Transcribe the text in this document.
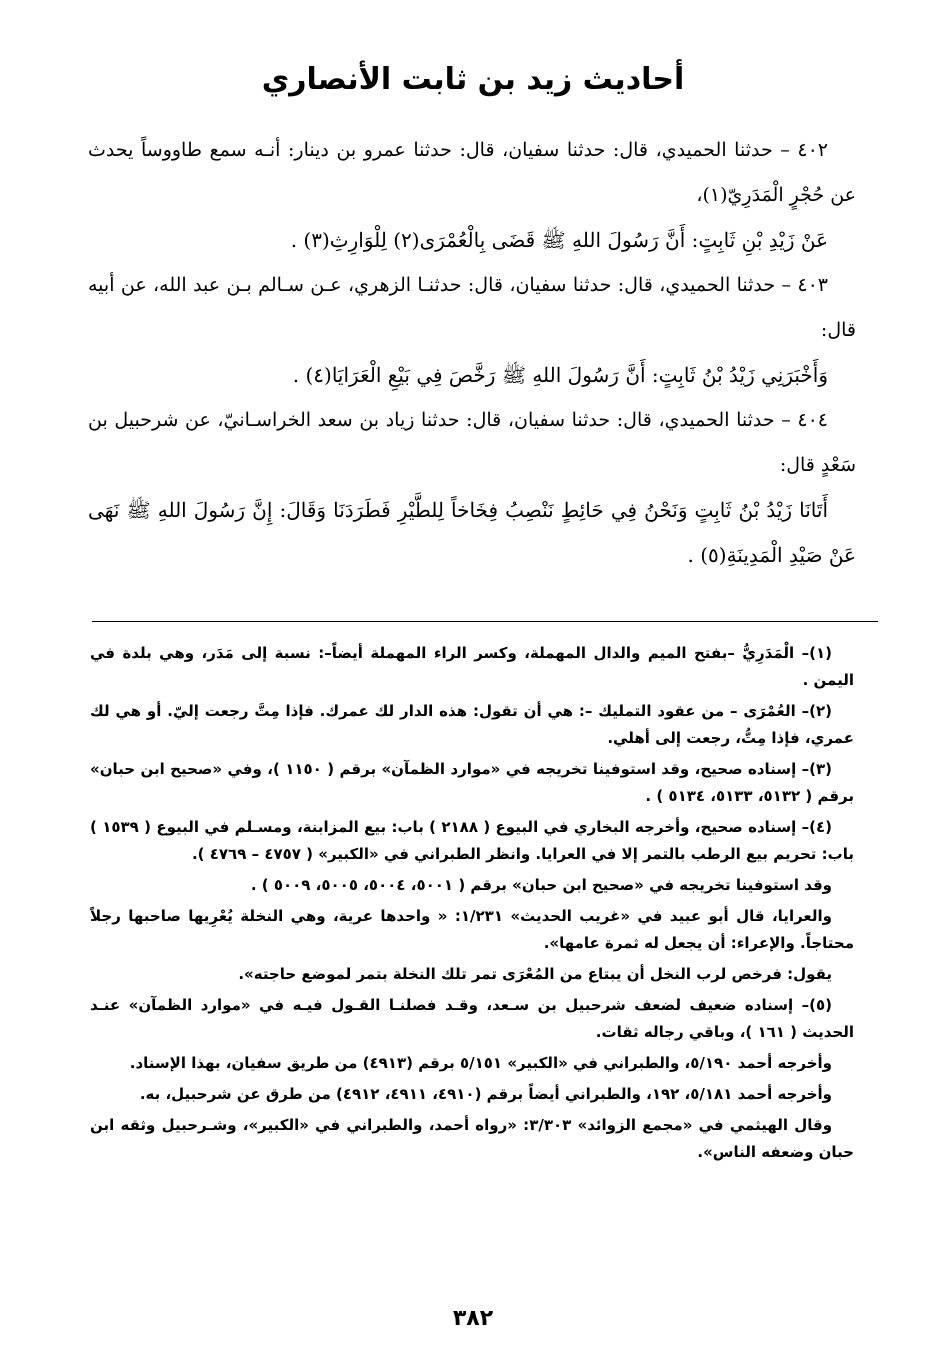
أحاديث زيد بن ثابت الأنصاري

٤٠٢ – حدثنا الحميدي، قال: حدثنا سفيان، قال: حدثنا عمرو بن دينار: أنـه سمع طاووساً يحدث عن حُجْرٍ الْمَدَرِيّ(١)،

عَنْ زَيْدِ بْنِ ثَابِتٍ: أَنَّ رَسُولَ اللهِ ﷺ قَضَى بِالْعُمْرَى(٢) لِلْوَارِثِ(٣) .

٤٠٣ – حدثنا الحميدي، قال: حدثنا سفيان، قال: حدثنـا الزهري، عـن سـالم بـن عبد الله، عن أبيه قال:

وَأَخْبَرَنِي زَيْدُ بْنُ ثَابِتٍ: أَنَّ رَسُولَ اللهِ ﷺ رَخَّصَ فِي بَيْعِ الْعَرَايَا(٤) .

٤٠٤ – حدثنا الحميدي، قال: حدثنا سفيان، قال: حدثنا زياد بن سعد الخراسـانيّ، عن شرحبيل بن سَعْدٍ قال:

أَتَانَا زَيْدُ بْنُ ثَابِتٍ وَنَحْنُ فِي حَائِطٍ نَنْصِبُ فِخَاخاً لِلطَّيْرِ فَطَرَدَنَا وَقَالَ: إِنَّ رَسُولَ اللهِ ﷺ نَهَى عَنْ صَيْدِ الْمَدِينَةِ(٥) .

(١)– الْمَدَرِيُّ –بفتح الميم والدال المهملة، وكسر الراء المهملة أيضاً–: نسبة إلى مَدَر، وهي بلدة في اليمن .

(٢)– العُمْرَى – من عقود التمليك –: هي أن تقول: هذه الدار لك عمرك. فإذا مِتَّ رجعت إليّ. أو هي لك عمري، فإذا مِتُّ، رجعت إلى أهلي.

(٣)– إسناده صحيح، وقد استوفينا تخريجه في «موارد الظمآن» برقم ( ١١٥٠ )، وفي «صحيح ابن حبان» برقم ( ٥١٣٢، ٥١٣٣، ٥١٣٤ ) .

(٤)– إسناده صحيح، وأخرجه البخاري في البيوع ( ٢١٨٨ ) باب: بيع المزابنة، ومسـلم في البيوع ( ١٥٣٩ ) باب: تحريم بيع الرطب بالتمر إلا في العرايا. وانظر الطبراني في «الكبير» ( ٤٧٥٧ – ٤٧٦٩ ).

وقد استوفينا تخريجه في «صحيح ابن حبان» برقم ( ٥٠٠١، ٥٠٠٤، ٥٠٠٥، ٥٠٠٩ ) .

والعرايا، قال أبو عبيد في «غريب الحديث» ١/٢٣١: « واحدها عرية، وهي النخلة يُعْرِيها صاحبها رجلاً محتاجاً. والإعراء: أن يجعل له ثمرة عامها».

يقول: فرخص لرب النخل أن يبتاع من المُعْرَى تمر تلك النخلة بتمر لموضع حاجته».

(٥)– إسناده ضعيف لضعف شرحبيل بن سـعد، وقـد فصلنـا القـول فيـه في «موارد الظمآن» عنـد الحديث ( ١٦١ )، وباقي رجاله ثقات.

وأخرجه أحمد ٥/١٩٠، والطبراني في «الكبير» ٥/١٥١ برقم (٤٩١٣) من طريق سفيان، بهذا الإسناد.

وأخرجه أحمد ٥/١٨١، ١٩٢، والطبراني أيضاً برقم (٤٩١٠، ٤٩١١، ٤٩١٢) من طرق عن شرحبيل، به.

وقال الهيثمي في «مجمع الزوائد» ٣/٣٠٣: «رواه أحمد، والطبراني في «الكبير»، وشـرحبيل وثقه ابن حبان وضعفه الناس».

٣٨٢
